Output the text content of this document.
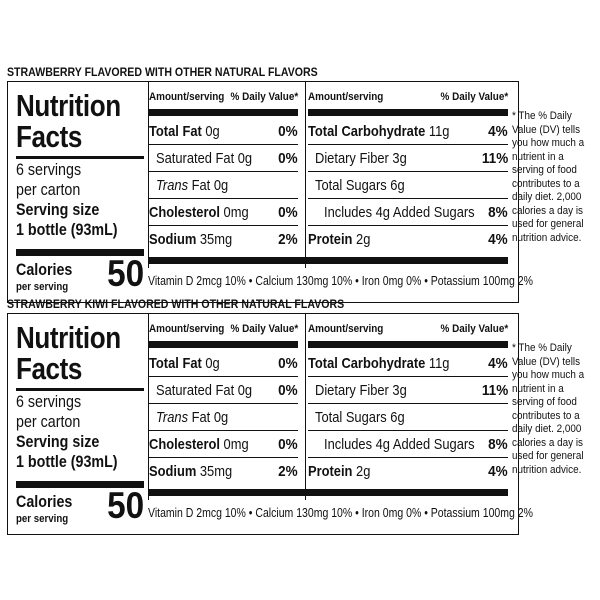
STRAWBERRY FLAVORED WITH OTHER NATURAL FLAVORS
Nutrition
Facts
6 servings
per carton
Serving size
1 bottle (93mL)
Calories
per serving 50
Amount/serving % Daily Value*
Total Fat 0g	0%
Saturated Fat 0g 0%
Trans Fat 0g
Cholesterol 0mg 0%
Sodium 35mg	2%
Amount/serving	% Daily Value*
Total Carbohydrate 11g	4%
Dietary Fiber 3g	11%
Total Sugars 6g
Includes 4g Added Sugars 8%
Protein 2g	4%
Vitamin D 2mcg 10% • Calcium 130mg 10% • Iron 0mg 0% • Potassium 100mg 2%
* The % Daily Value (DV) tells you how much a nutrient in a serving of food contributes to a daily diet. 2,000 calories a day is used for general nutrition advice.
STRAWBERRY KIWI FLAVORED WITH OTHER NATURAL FLAVORS
Nutrition
Facts
6 servings
per carton
Serving size
1 bottle (93mL)
Calories
per serving 50
Amount/serving % Daily Value*
Total Fat 0g	0%
Saturated Fat 0g 0%
Trans Fat 0g
Cholesterol 0mg 0%
Sodium 35mg	2%
Amount/serving	% Daily Value*
Total Carbohydrate 11g	4%
Dietary Fiber 3g	11%
Total Sugars 6g
Includes 4g Added Sugars 8%
Protein 2g	4%
Vitamin D 2mcg 10% • Calcium 130mg 10% • Iron 0mg 0% • Potassium 100mg 2%
* The % Daily Value (DV) tells you how much a nutrient in a serving of food contributes to a daily diet. 2,000 calories a day is used for general nutrition advice.
